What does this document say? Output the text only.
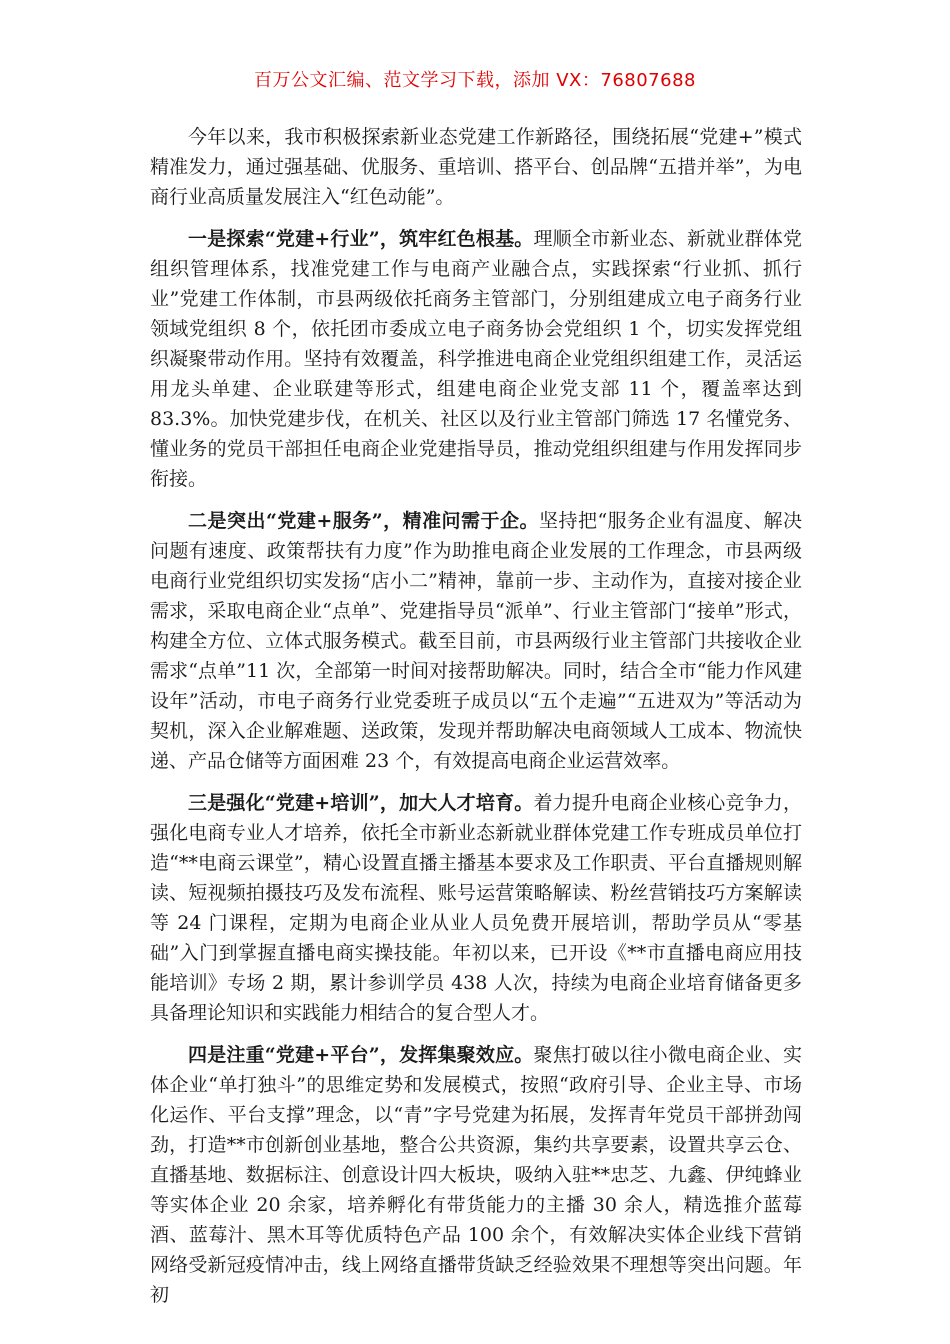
百万公文汇编、范文学习下载，添加 VX：76807688

今年以来，我市积极探索新业态党建工作新路径，围绕拓展“党建+”模式精准发力，通过强基础、优服务、重培训、搭平台、创品牌“五措并举”，为电商行业高质量发展注入“红色动能”。

一是探索“党建+行业”，筑牢红色根基。理顺全市新业态、新就业群体党组织管理体系，找准党建工作与电商产业融合点，实践探索“行业抓、抓行业”党建工作体制，市县两级依托商务主管部门，分别组建成立电子商务行业领域党组织 8 个，依托团市委成立电子商务协会党组织 1 个，切实发挥党组织凝聚带动作用。坚持有效覆盖，科学推进电商企业党组织组建工作，灵活运用龙头单建、企业联建等形式，组建电商企业党支部 11 个，覆盖率达到 83.3%。加快党建步伐，在机关、社区以及行业主管部门筛选 17 名懂党务、懂业务的党员干部担任电商企业党建指导员，推动党组织组建与作用发挥同步衔接。

二是突出“党建+服务”，精准问需于企。坚持把“服务企业有温度、解决问题有速度、政策帮扶有力度”作为助推电商企业发展的工作理念，市县两级电商行业党组织切实发扬“店小二”精神，靠前一步、主动作为，直接对接企业需求，采取电商企业“点单”、党建指导员“派单”、行业主管部门“接单”形式，构建全方位、立体式服务模式。截至目前，市县两级行业主管部门共接收企业需求“点单”11 次，全部第一时间对接帮助解决。同时，结合全市“能力作风建设年”活动，市电子商务行业党委班子成员以“五个走遍”“五进双为”等活动为契机，深入企业解难题、送政策，发现并帮助解决电商领域人工成本、物流快递、产品仓储等方面困难 23 个，有效提高电商企业运营效率。

三是强化“党建+培训”，加大人才培育。着力提升电商企业核心竞争力，强化电商专业人才培养，依托全市新业态新就业群体党建工作专班成员单位打造“**电商云课堂”，精心设置直播主播基本要求及工作职责、平台直播规则解读、短视频拍摄技巧及发布流程、账号运营策略解读、粉丝营销技巧方案解读等 24 门课程，定期为电商企业从业人员免费开展培训，帮助学员从“零基础”入门到掌握直播电商实操技能。年初以来，已开设《**市直播电商应用技能培训》专场 2 期，累计参训学员 438 人次，持续为电商企业培育储备更多具备理论知识和实践能力相结合的复合型人才。

四是注重“党建+平台”，发挥集聚效应。聚焦打破以往小微电商企业、实体企业“单打独斗”的思维定势和发展模式，按照“政府引导、企业主导、市场化运作、平台支撑”理念，以“青”字号党建为拓展，发挥青年党员干部拼劲闯劲，打造**市创新创业基地，整合公共资源，集约共享要素，设置共享云仓、直播基地、数据标注、创意设计四大板块，吸纳入驻**忠芝、九鑫、伊纯蜂业等实体企业 20 余家，培养孵化有带货能力的主播 30 余人，精选推介蓝莓酒、蓝莓汁、黑木耳等优质特色产品 100 余个，有效解决实体企业线下营销网络受新冠疫情冲击，线上网络直播带货缺乏经验效果不理想等突出问题。年初
